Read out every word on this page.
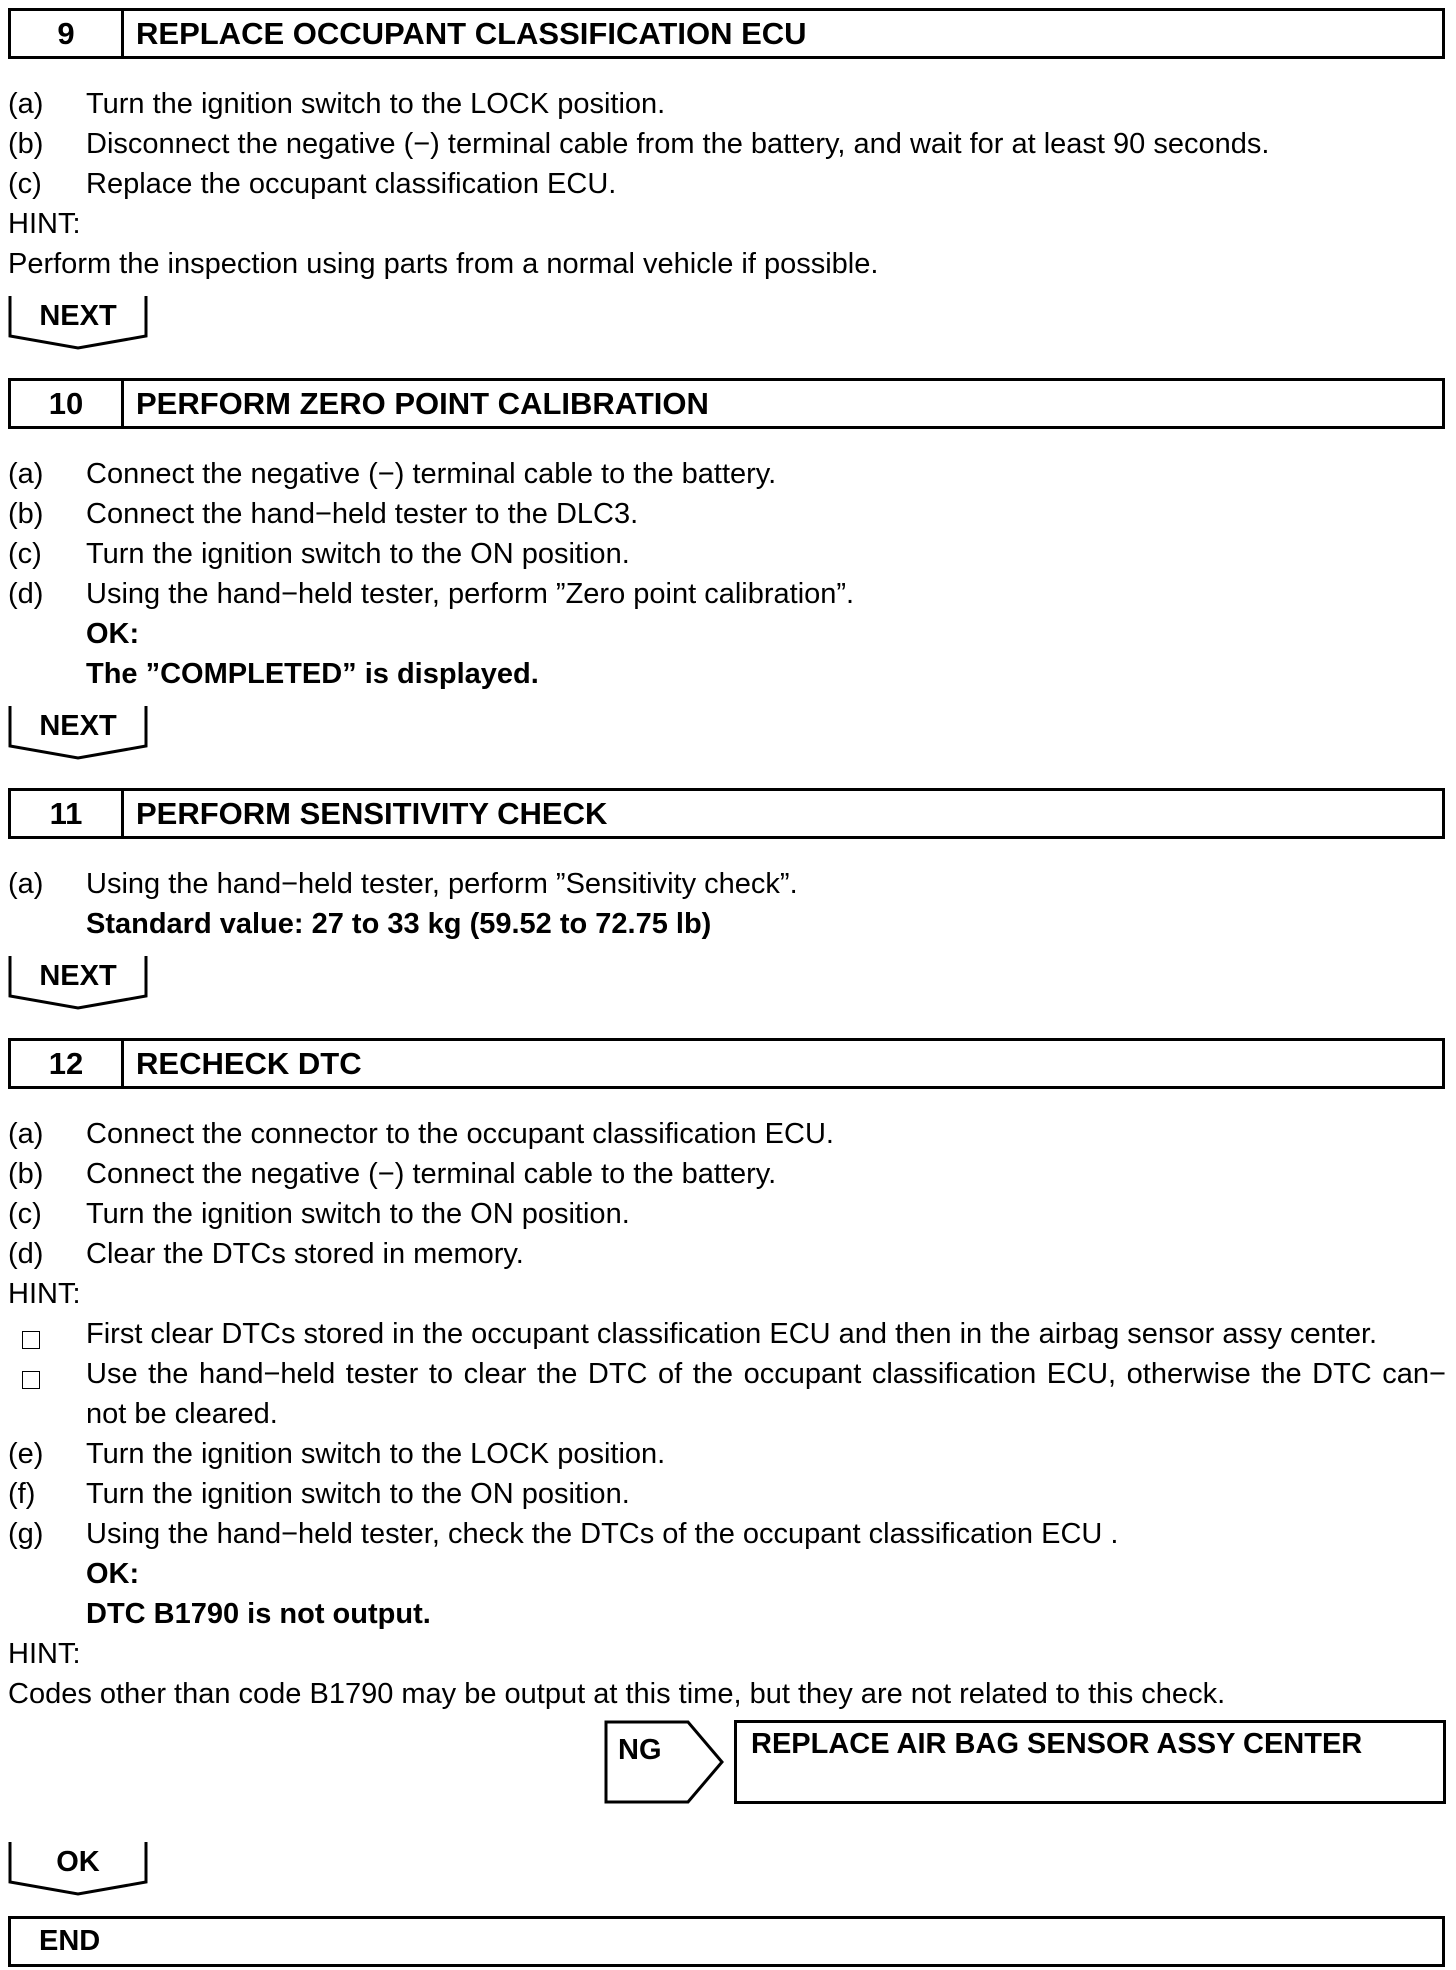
9	REPLACE OCCUPANT CLASSIFICATION ECU
(a) Turn the ignition switch to the LOCK position.
(b) Disconnect the negative (−) terminal cable from the battery, and wait for at least 90 seconds.
(c) Replace the occupant classification ECU.
HINT:
Perform the inspection using parts from a normal vehicle if possible.
NEXT
10	PERFORM ZERO POINT CALIBRATION
(a) Connect the negative (−) terminal cable to the battery.
(b) Connect the hand−held tester to the DLC3.
(c) Turn the ignition switch to the ON position.
(d) Using the hand−held tester, perform ”Zero point calibration”.
OK:
The ”COMPLETED” is displayed.
NEXT
11	PERFORM SENSITIVITY CHECK
(a) Using the hand−held tester, perform ”Sensitivity check”.
Standard value: 27 to 33 kg (59.52 to 72.75 lb)
NEXT
12	RECHECK DTC
(a) Connect the connector to the occupant classification ECU.
(b) Connect the negative (−) terminal cable to the battery.
(c) Turn the ignition switch to the ON position.
(d) Clear the DTCs stored in memory.
HINT:
First clear DTCs stored in the occupant classification ECU and then in the airbag sensor assy center.
Use the hand−held tester to clear the DTC of the occupant classification ECU, otherwise the DTC can−
not be cleared.
(e) Turn the ignition switch to the LOCK position.
(f) Turn the ignition switch to the ON position.
(g) Using the hand−held tester, check the DTCs of the occupant classification ECU .
OK:
DTC B1790 is not output.
HINT:
Codes other than code B1790 may be output at this time, but they are not related to this check.
NG	REPLACE AIR BAG SENSOR ASSY CENTER
OK
END
